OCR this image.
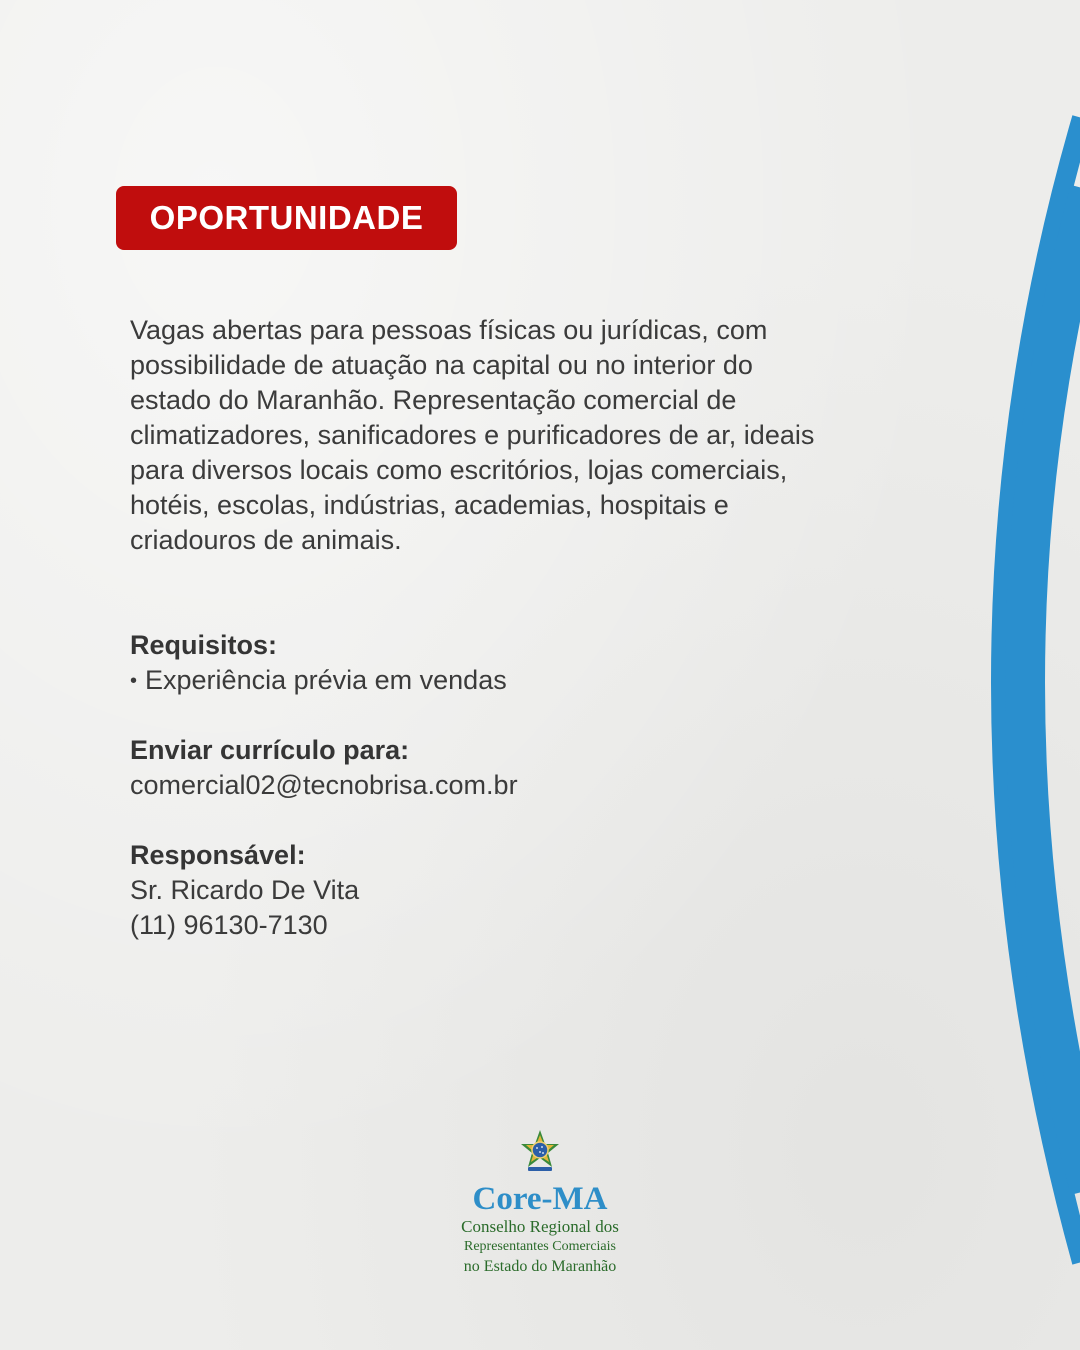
OPORTUNIDADE
Vagas abertas para pessoas físicas ou jurídicas, com possibilidade de atuação na capital ou no interior do estado do Maranhão. Representação comercial de climatizadores, sanificadores e purificadores de ar, ideais para diversos locais como escritórios, lojas comerciais, hotéis, escolas, indústrias, academias, hospitais e criadouros de animais.
Requisitos:
• Experiência prévia em vendas
Enviar currículo para:
comercial02@tecnobrisa.com.br
Responsável:
Sr. Ricardo De Vita
(11) 96130-7130
Core-MA
Conselho Regional dos
Representantes Comerciais
no Estado do Maranhão
